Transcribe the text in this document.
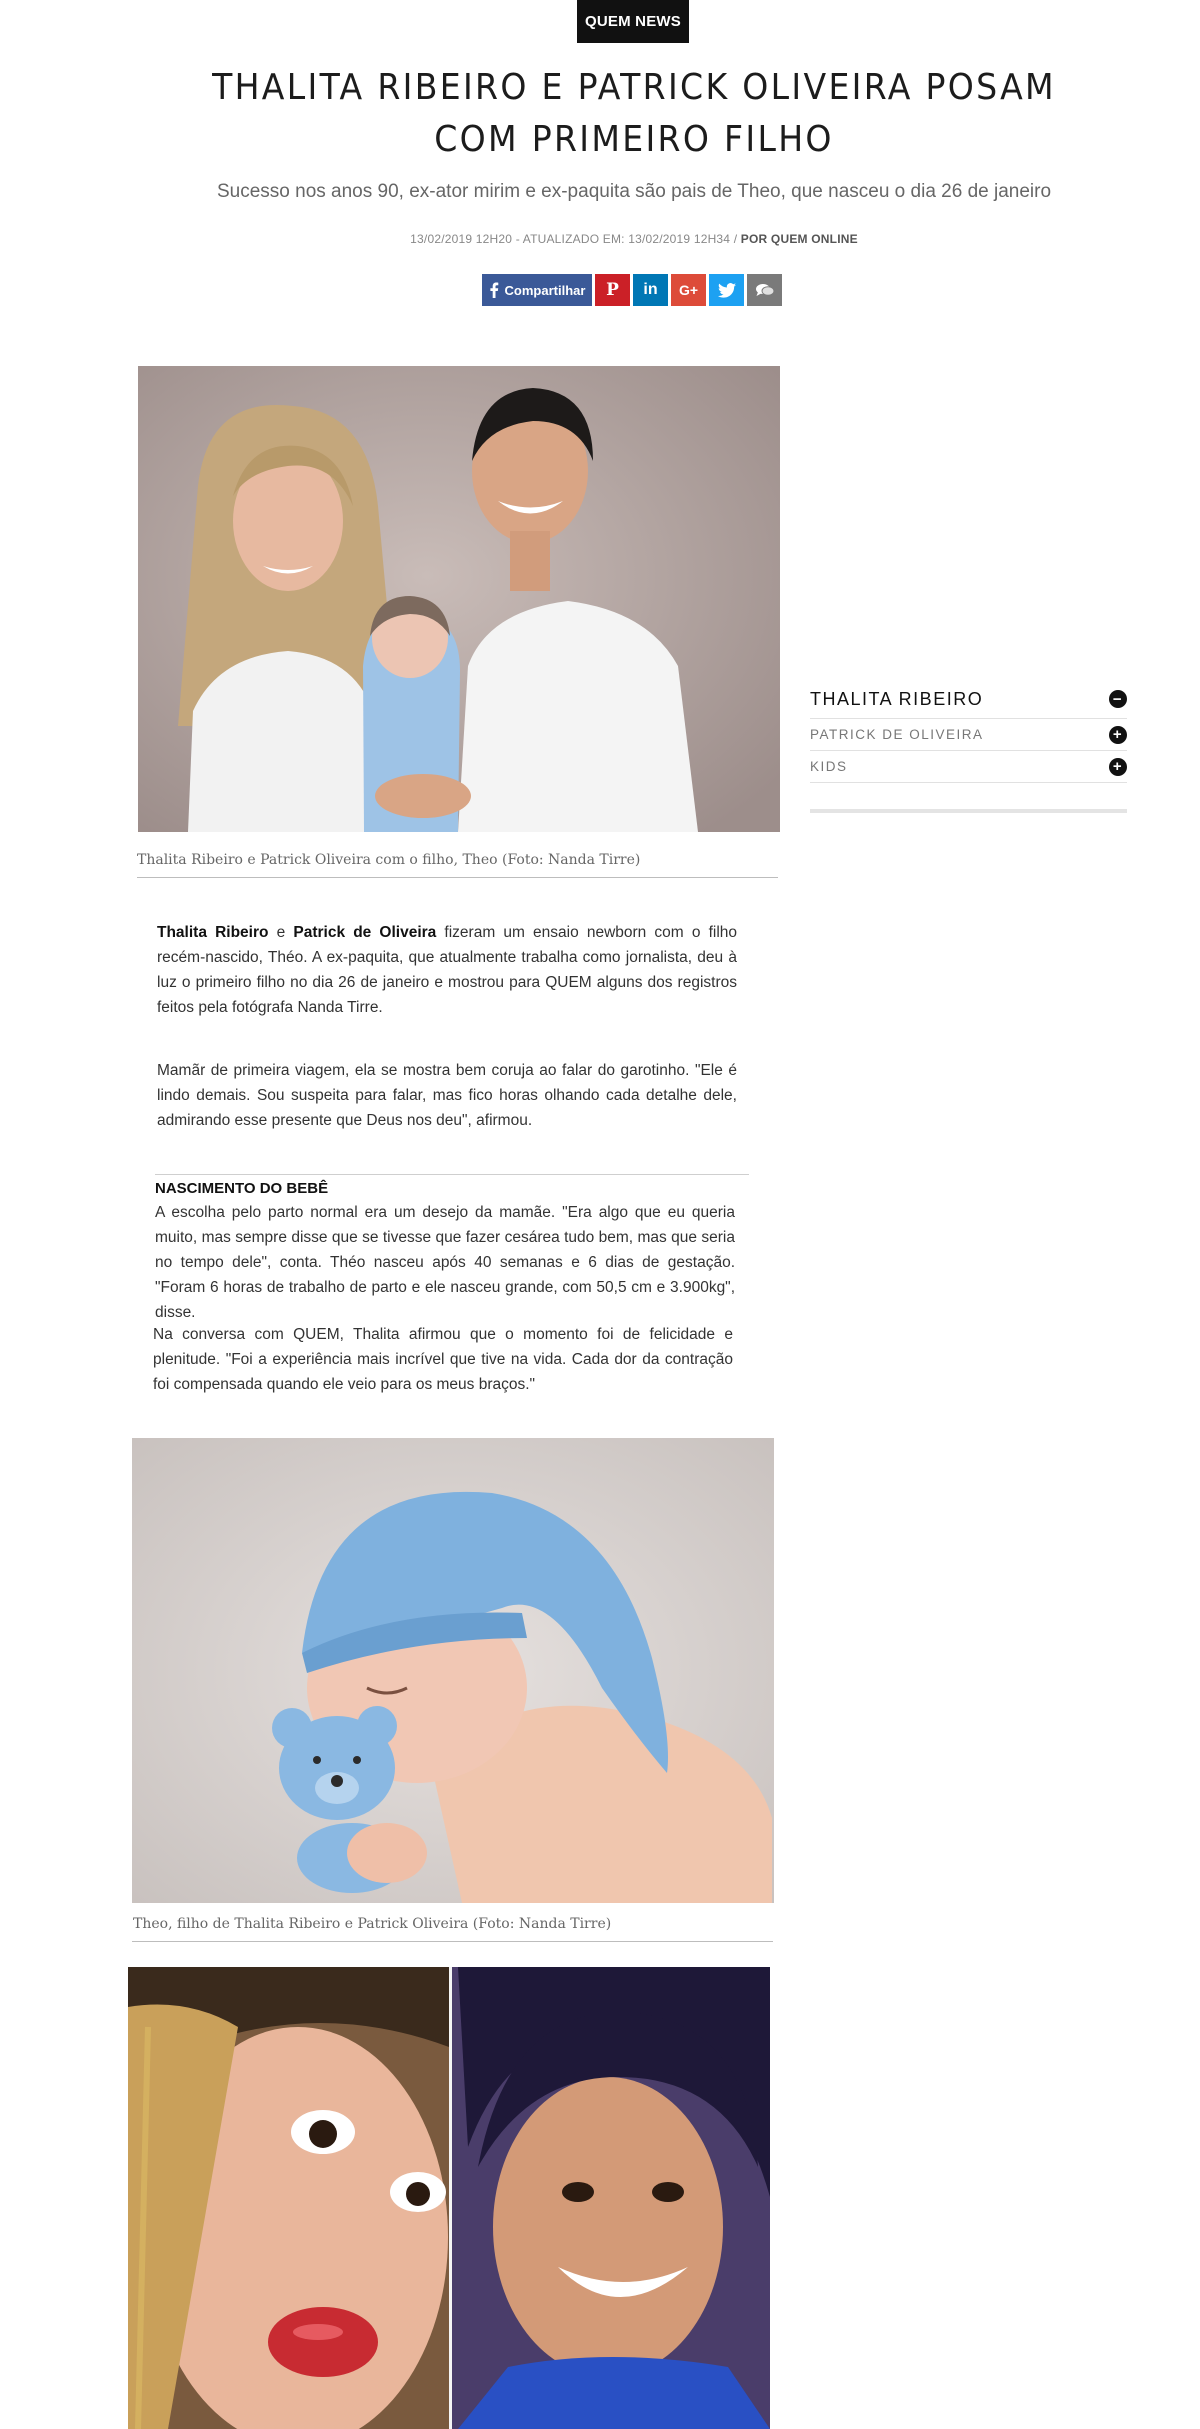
QUEM NEWS
THALITA RIBEIRO E PATRICK OLIVEIRA POSAM COM PRIMEIRO FILHO

Sucesso nos anos 90, ex-ator mirim e ex-paquita são pais de Theo, que nasceu o dia 26 de janeiro

13/02/2019 12H20 - ATUALIZADO EM: 13/02/2019 12H34 / POR QUEM ONLINE
Compartilhar P in G+
Thalita Ribeiro e Patrick Oliveira com o filho, Theo (Foto: Nanda Tirre)

Thalita Ribeiro e Patrick de Oliveira fizeram um ensaio newborn com o filho recém-nascido, Théo. A ex-paquita, que atualmente trabalha como jornalista, deu à luz o primeiro filho no dia 26 de janeiro e mostrou para QUEM alguns dos registros feitos pela fotógrafa Nanda Tirre.

Mamãr de primeira viagem, ela se mostra bem coruja ao falar do garotinho. "Ele é lindo demais. Sou suspeita para falar, mas fico horas olhando cada detalhe dele, admirando esse presente que Deus nos deu", afirmou.

NASCIMENTO DO BEBÊ

A escolha pelo parto normal era um desejo da mamãe. "Era algo que eu queria muito, mas sempre disse que se tivesse que fazer cesárea tudo bem, mas que seria no tempo dele", conta. Théo nasceu após 40 semanas e 6 dias de gestação. "Foram 6 horas de trabalho de parto e ele nasceu grande, com 50,5 cm e 3.900kg", disse.

Na conversa com QUEM, Thalita afirmou que o momento foi de felicidade e plenitude. "Foi a experiência mais incrível que tive na vida. Cada dor da contração foi compensada quando ele veio para os meus braços."

Theo, filho de Thalita Ribeiro e Patrick Oliveira (Foto: Nanda Tirre)
THALITA RIBEIRO	−
PATRICK DE OLIVEIRA	+
KIDS	+
